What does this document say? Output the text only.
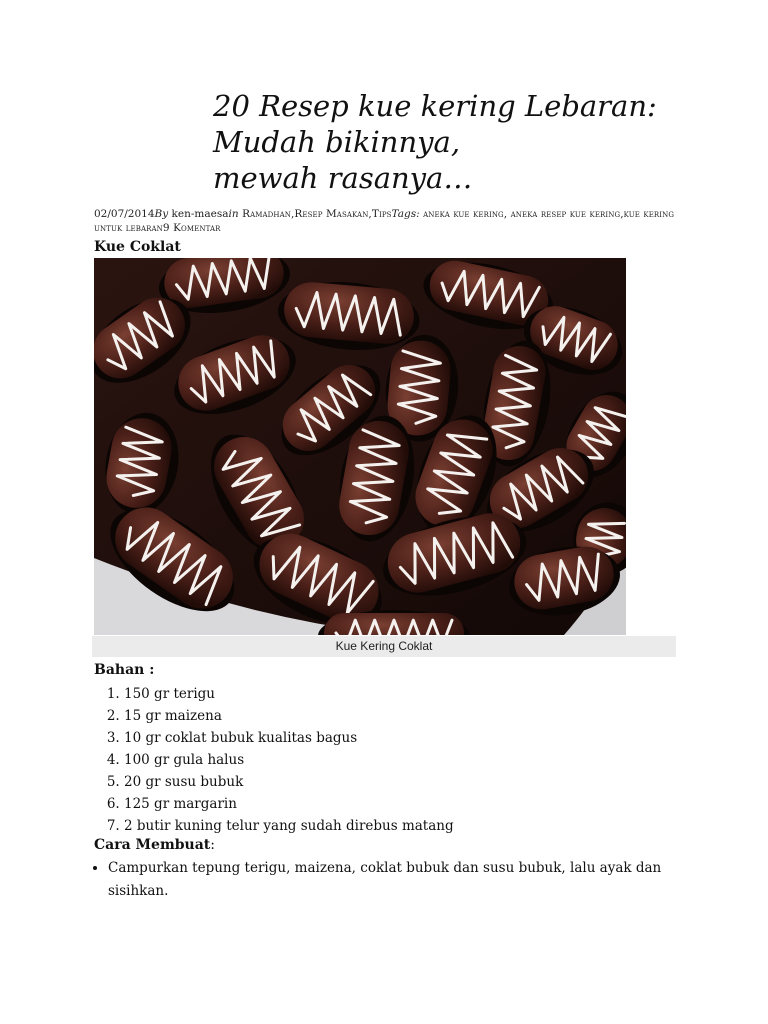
20 Resep kue kering Lebaran:
Mudah bikinnya,
mewah rasanya…
02/07/2014By ken-maesain Ramadhan,Resep Masakan,TipsTags: aneka kue kering, aneka resep kue kering,kue kering untuk lebaran9 Komentar
Kue Coklat
Kue Kering Coklat
Bahan :
1. 150 gr terigu
2. 15 gr maizena
3. 10 gr coklat bubuk kualitas bagus
4. 100 gr gula halus
5. 20 gr susu bubuk
6. 125 gr margarin
7. 2 butir kuning telur yang sudah direbus matang
Cara Membuat:
• Campurkan tepung terigu, maizena, coklat bubuk dan susu bubuk, lalu ayak dan sisihkan.
